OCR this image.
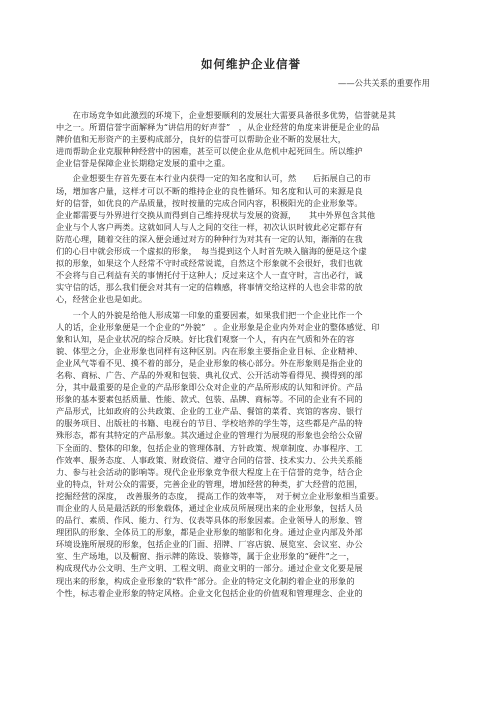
如何维护企业信誉

——公共关系的重要作用

　　在市场竞争如此激烈的环境下，企业想要顺利的发展壮大需要具备很多优势，信誉就是其
中之一。所谓信誉字面解释为“讲信用的好声誉”　，从企业经营的角度来讲便是企业的品
牌价值和无形资产的主要构成部分，良好的信誉可以帮助企业不断的发展壮大，
进而帮助企业克服种种经营中的困难，甚至可以使企业从危机中起死回生。所以维护
企业信誉是保障企业长期稳定发展的重中之重。
　　企业想要生存首先要在本行业内获得一定的知名度和认可，然　　后拓展自己的市
场，增加客户量，这样才可以不断的维持企业的良性循环。知名度和认可的来源是良
好的信誉，如优良的产品质量，按时按量的完成合同内容，积极阳光的企业形象等。
企业都需要与外界进行交换从而得到自己维持现状与发展的资源，　　其中外界包含其他
企业与个人客户两类。这就如同人与人之间的交往一样，初次认识时彼此必定都存有
防范心理，随着交往的深入便会通过对方的种种行为对其有一定的认知，渐渐的在我
们的心目中就会形成一个虚拟的形象，　每当提到这个人时首先映入脑海的便是这个虚
拟的形象，如果这个人经常不守时或经常说谎，自然这个形象就不会很好，我们也就
不会将与自己利益有关的事情托付于这种人；反过来这个人一直守时，言出必行，诚
实守信的话，那么我们便会对其有一定的信赖感，将事情交给这样的人也会非常的放
心，经营企业也是如此。
　　一个人的外貌是给他人形成第一印象的重要因素，如果我们把一个企业比作一个
人的话，企业形象便是一个企业的“外貌”　。企业形象是企业内外对企业的整体感觉、印
象和认知，是企业状况的综合反映。好比我们观察一个人，有内在气质和外在的容
貌、体型之分，企业形象也同样有这种区别。内在形象主要指企业目标、企业精神、
企业风气等看不见、摸不着的部分，是企业形象的核心部分。外在形象则是指企业的
名称、商标、广告、产品的外观和包装、典礼仪式、公开活动等看得见、摸得到的部
分，其中最重要的是企业的产品形象即公众对企业的产品所形成的认知和评价。产品
形象的基本要素包括质量、性能、款式、包装、品牌、商标等。不同的企业有不同的
产品形式，比如政府的公共政策、企业的工业产品、餐馆的菜肴、宾馆的客房、银行
的服务项目、出版社的书籍、电视台的节目、学校培养的学生等，这些都是产品的特
殊形态，都有其特定的产品形象。其次通过企业的管理行为展现的形象也会给公众留
下全面的、整体的印象，包括企业的管理体制、方针政策、规章制度、办事程序、工
作效率、服务态度、人事政策、财政资信、遵守合同的信誉、技术实力、公共关系能
力、参与社会活动的影响等。现代企业形象竞争很大程度上在于信誉的竞争，结合企
业的特点，针对公众的需要，完善企业的管理，增加经营的种类，扩大经营的范围，
挖掘经营的深度，　改善服务的态度，　提高工作的效率等，　对于树立企业形象相当重要。
而企业的人员是最活跃的形象载体，通过企业成员所展现出来的企业形象，包括人员
的品行、素质、作风、能力、行为、仪表等具体的形象因素。企业领导人的形象、管
理团队的形象、全体员工的形象，都是企业形象的缩影和化身。通过企业内部及外部
环境设施所展现的形象，包括企业的门面、招牌、厂容店貌、展览室、会议室、办公
室、生产场地，以及橱窗、指示牌的陈设、装修等，属于企业形象的“硬件”之一，
构成现代办公文明、生产文明、工程文明、商业文明的一部分。通过企业文化要是展
现出来的形象，构成企业形象的“软件”部分。企业的特定文化制约着企业的形象的
个性，标志着企业形象的特定风格。企业文化包括企业的价值观和管理理念、企业的
